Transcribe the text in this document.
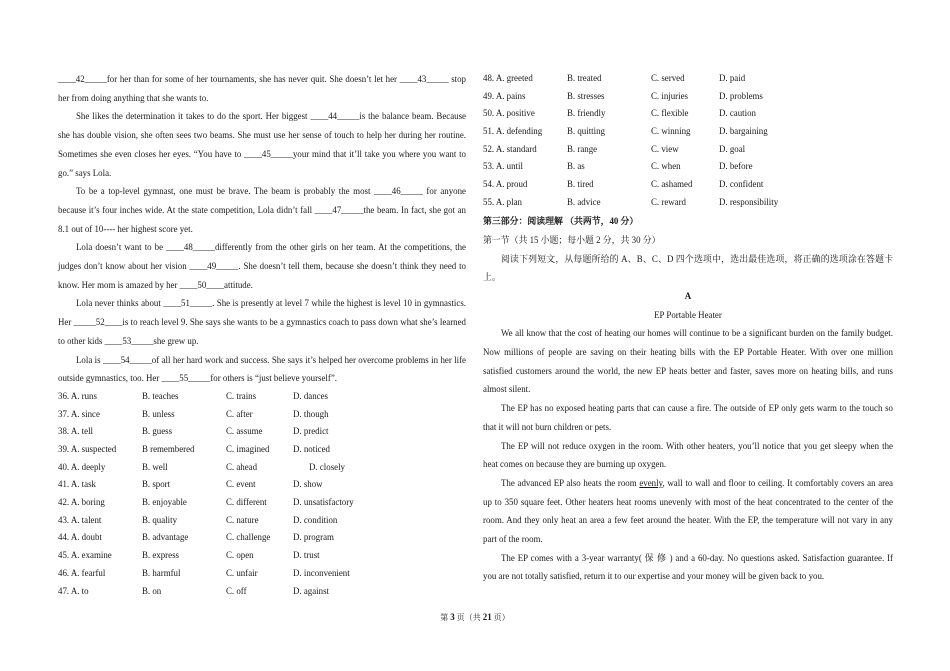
____42_____for her than for some of her tournaments, she has never quit. She doesn’t let her ____43_____ stop her from doing anything that she wants to.

She likes the determination it takes to do the sport. Her biggest ____44_____is the balance beam. Because she has double vision, she often sees two beams. She must use her sense of touch to help her during her routine. Sometimes she even closes her eyes. “You have to ____45_____your mind that it’ll take you where you want to go.” says Lola.

To be a top-level gymnast, one must be brave. The beam is probably the most ____46_____ for anyone because it’s four inches wide. At the state competition, Lola didn’t fall ____47_____the beam. In fact, she got an 8.1 out of 10---- her highest score yet.

Lola doesn’t want to be ____48_____differently from the other girls on her team. At the competitions, the judges don’t know about her vision ____49_____. She doesn’t tell them, because she doesn’t think they need to know. Her mom is amazed by her ____50____attitude.

Lola never thinks about ____51_____. She is presently at level 7 while the highest is level 10 in gymnastics. Her _____52____is to reach level 9. She says she wants to be a gymnastics coach to pass down what she’s learned to other kids ____53_____she grew up.

Lola is ____54_____of all her hard work and success. She says it’s helped her overcome problems in her life outside gymnastics, too. Her ____55_____for others is “just believe yourself”.

36. A. runs	B. teaches	C. trains	D. dances
37. A. since	B. unless	C. after	D. though
38. A. tell	B. guess	C. assume	D. predict
39. A. suspected	B remembered	C. imagined	D. noticed
40. A. deeply	B. well	C. ahead	D. closely
41. A. task	B. sport	C. event	D. show
42. A. boring	B. enjoyable	C. different	D. unsatisfactory
43. A. talent	B. quality	C. nature	D. condition
44. A. doubt	B. advantage	C. challenge	D. program
45. A. examine	B. express	C. open	D. trust
46. A. fearful	B. harmful	C. unfair	D. inconvenient
47. A. to	B. on	C. off	D. against
48. A. greeted	B. treated	C. served	D. paid
49. A. pains	B. stresses	C. injuries	D. problems
50. A. positive	B. friendly	C. flexible	D. caution
51. A. defending	B. quitting	C. winning	D. bargaining
52. A. standard	B. range	C. view	D. goal
53. A. until	B. as	C. when	D. before
54. A. proud	B. tired	C. ashamed	D. confident
55. A. plan	B. advice	C. reward	D. responsibility
第三部分：阅读理解 （共两节，40 分）
第一节（共 15 小题；每小题 2 分，共 30 分）

阅读下列短文，从每题所给的 A、B、C、D 四个选项中，选出最佳选项，将正确的选项涂在答题卡上。

A
EP Portable Heater

We all know that the cost of heating our homes will continue to be a significant burden on the family budget. Now millions of people are saving on their heating bills with the EP Portable Heater. With over one million satisfied customers around the world, the new EP heats better and faster, saves more on heating bills, and runs almost silent.

The EP has no exposed heating parts that can cause a fire. The outside of EP only gets warm to the touch so that it will not burn children or pets.

The EP will not reduce oxygen in the room. With other heaters, you’ll notice that you get sleepy when the heat comes on because they are burning up oxygen.

The advanced EP also heats the room evenly, wall to wall and floor to ceiling. It comfortably covers an area up to 350 square feet. Other heaters heat rooms unevenly with most of the heat concentrated to the center of the room. And they only heat an area a few feet around the heater. With the EP, the temperature will not vary in any part of the room.

The EP comes with a 3-year warranty( 保 修 ) and a 60-day. No questions asked. Satisfaction guarantee. If you are not totally satisfied, return it to our expertise and your money will be given back to you.

第 3 页（共 21 页）
